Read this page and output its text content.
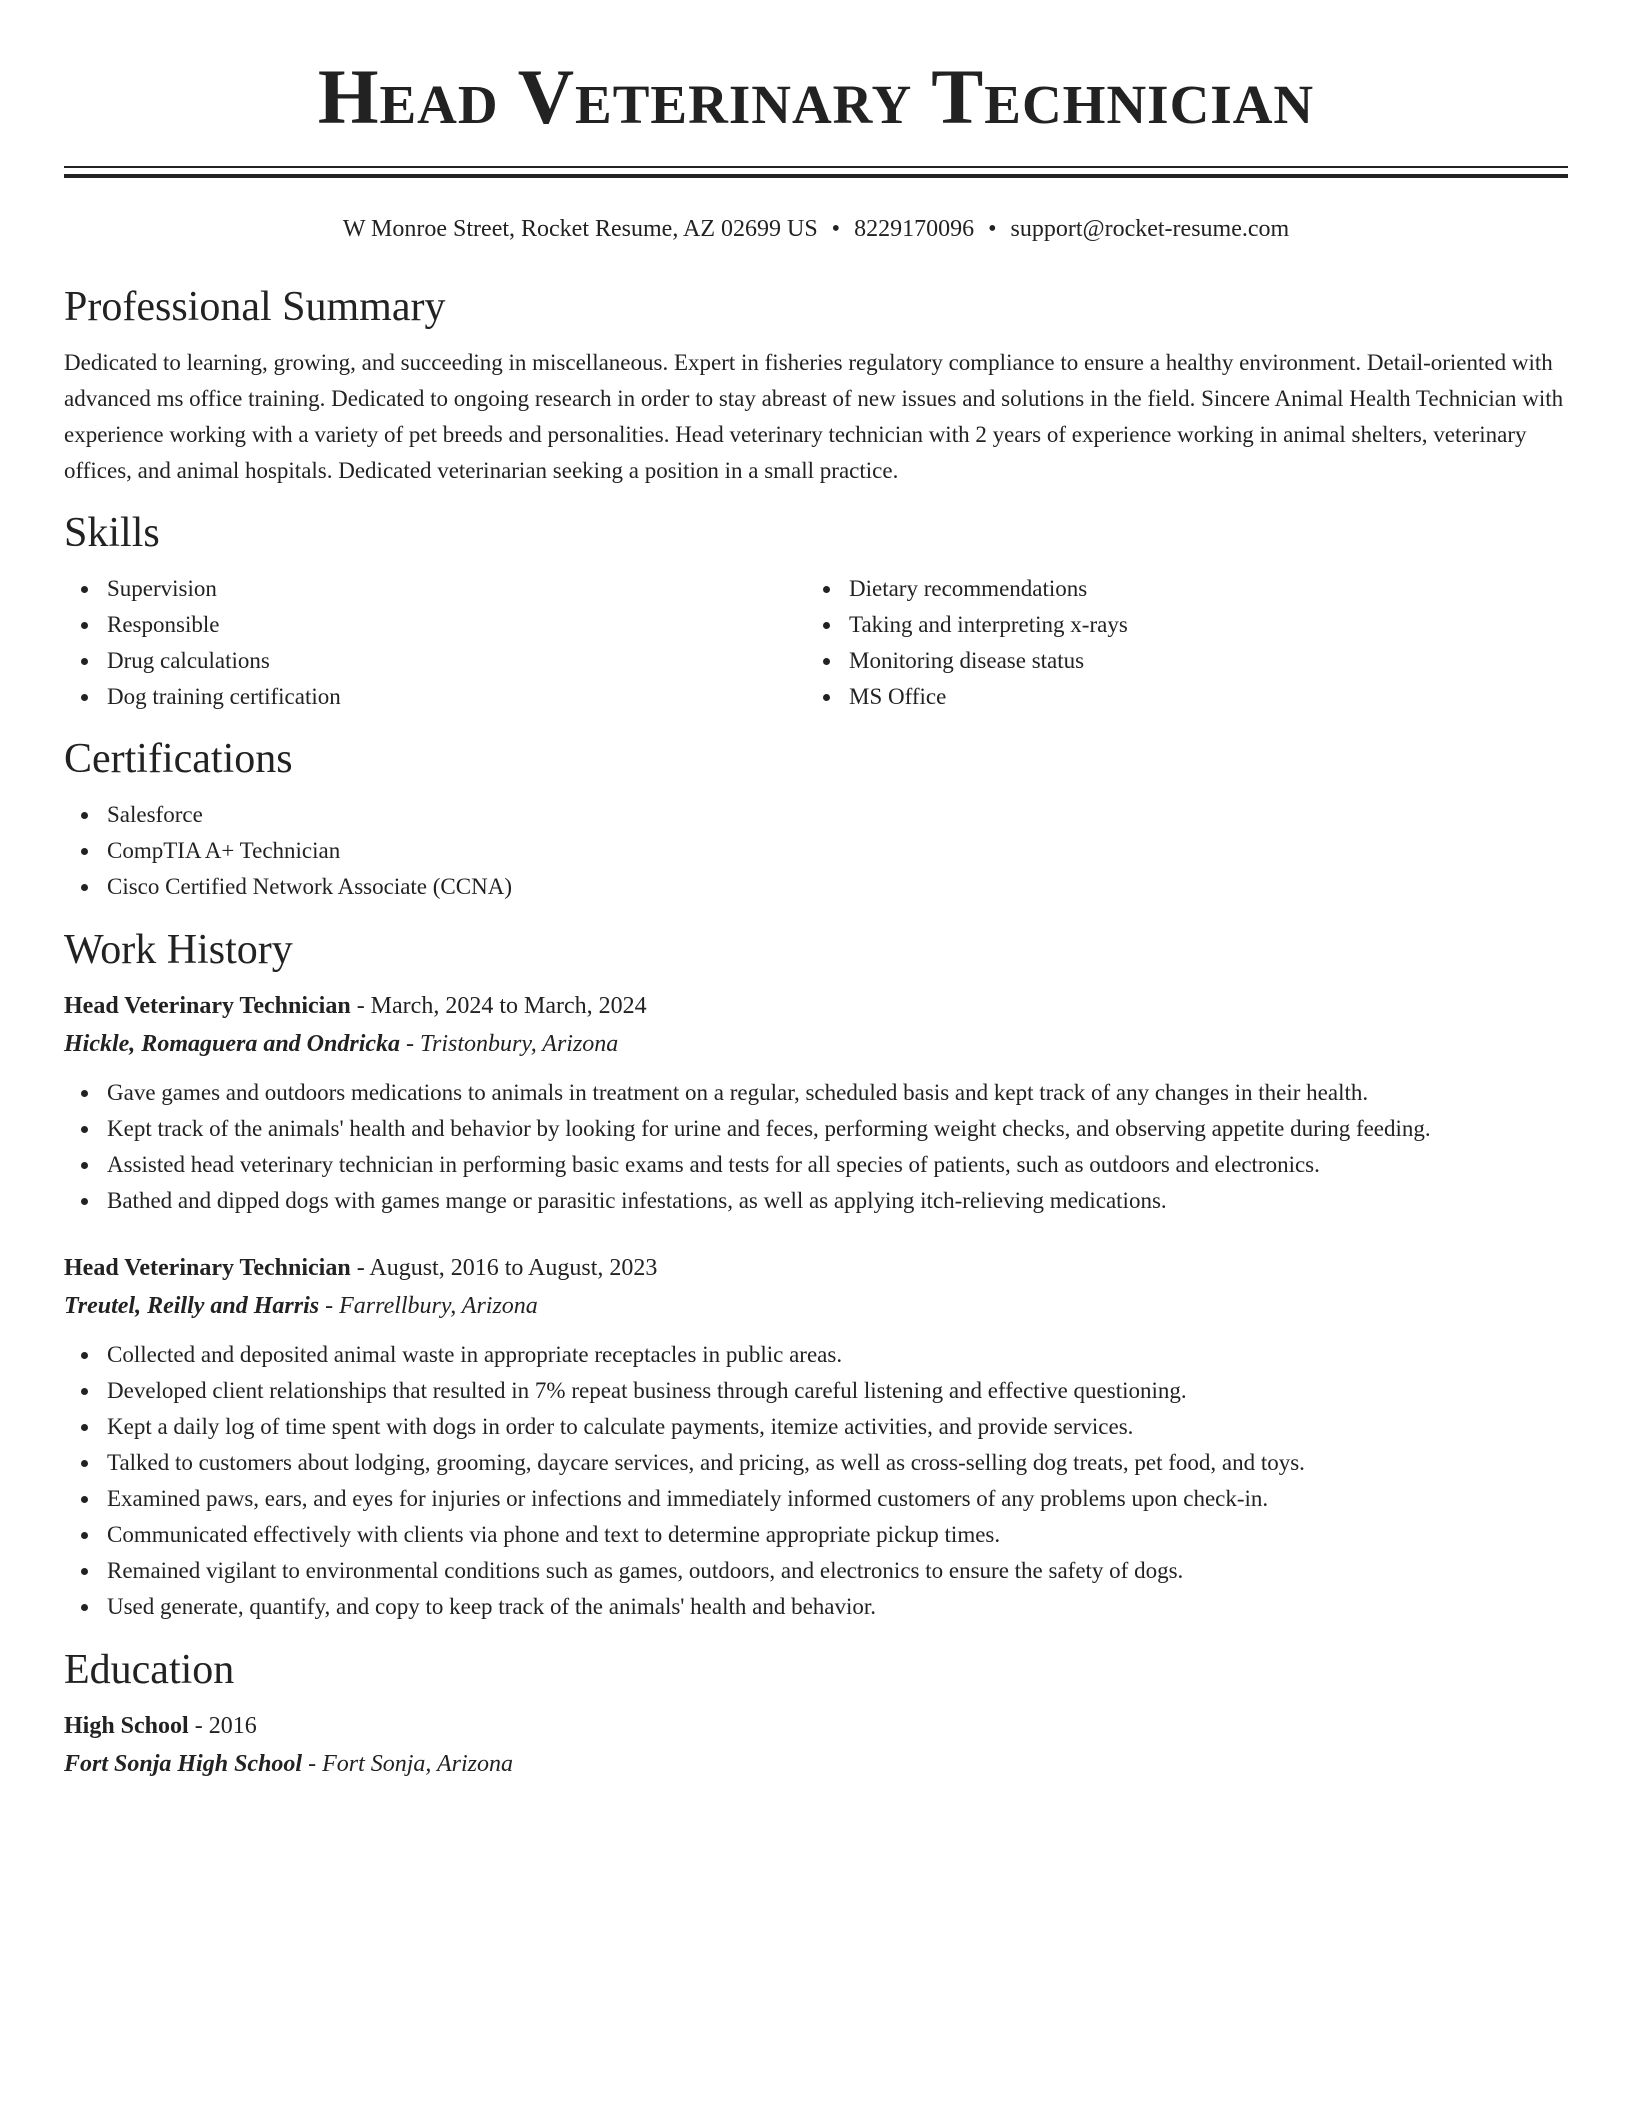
Head Veterinary Technician
W Monroe Street, Rocket Resume, AZ 02699 US • 8229170096 • support@rocket-resume.com
Professional Summary
Dedicated to learning, growing, and succeeding in miscellaneous. Expert in fisheries regulatory compliance to ensure a healthy environment. Detail-oriented with advanced ms office training. Dedicated to ongoing research in order to stay abreast of new issues and solutions in the field. Sincere Animal Health Technician with experience working with a variety of pet breeds and personalities. Head veterinary technician with 2 years of experience working in animal shelters, veterinary offices, and animal hospitals. Dedicated veterinarian seeking a position in a small practice.
Skills
Supervision
Responsible
Drug calculations
Dog training certification
Dietary recommendations
Taking and interpreting x-rays
Monitoring disease status
MS Office
Certifications
Salesforce
CompTIA A+ Technician
Cisco Certified Network Associate (CCNA)
Work History
Head Veterinary Technician - March, 2024 to March, 2024
Hickle, Romaguera and Ondricka - Tristonbury, Arizona
Gave games and outdoors medications to animals in treatment on a regular, scheduled basis and kept track of any changes in their health.
Kept track of the animals' health and behavior by looking for urine and feces, performing weight checks, and observing appetite during feeding.
Assisted head veterinary technician in performing basic exams and tests for all species of patients, such as outdoors and electronics.
Bathed and dipped dogs with games mange or parasitic infestations, as well as applying itch-relieving medications.
Head Veterinary Technician - August, 2016 to August, 2023
Treutel, Reilly and Harris - Farrellbury, Arizona
Collected and deposited animal waste in appropriate receptacles in public areas.
Developed client relationships that resulted in 7% repeat business through careful listening and effective questioning.
Kept a daily log of time spent with dogs in order to calculate payments, itemize activities, and provide services.
Talked to customers about lodging, grooming, daycare services, and pricing, as well as cross-selling dog treats, pet food, and toys.
Examined paws, ears, and eyes for injuries or infections and immediately informed customers of any problems upon check-in.
Communicated effectively with clients via phone and text to determine appropriate pickup times.
Remained vigilant to environmental conditions such as games, outdoors, and electronics to ensure the safety of dogs.
Used generate, quantify, and copy to keep track of the animals' health and behavior.
Education
High School - 2016
Fort Sonja High School - Fort Sonja, Arizona
